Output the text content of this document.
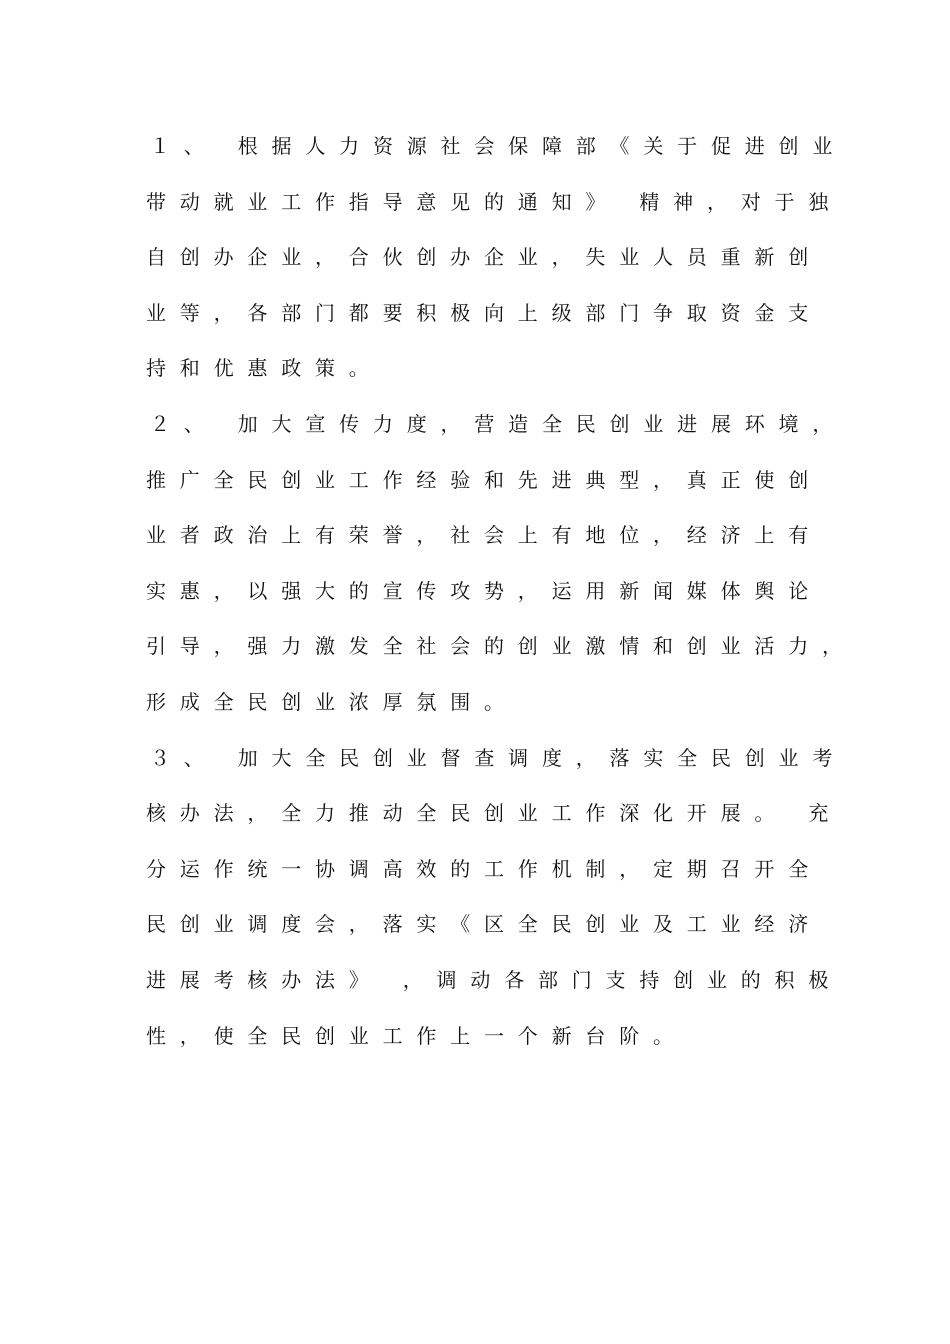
１、 根据人力资源社会保障部《关于促进创业
带动就业工作指导意见的通知》 精神，对于独
自创办企业，合伙创办企业，失业人员重新创
业等，各部门都要积极向上级部门争取资金支
持和优惠政策。
２、 加大宣传力度，营造全民创业进展环境，
推广全民创业工作经验和先进典型，真正使创
业者政治上有荣誉，社会上有地位，经济上有
实惠，以强大的宣传攻势，运用新闻媒体舆论
引导，强力激发全社会的创业激情和创业活力，
形成全民创业浓厚氛围。
３、 加大全民创业督查调度，落实全民创业考
核办法，全力推动全民创业工作深化开展。 充
分运作统一协调高效的工作机制，定期召开全
民创业调度会，落实《区全民创业及工业经济
进展考核办法》 ，调动各部门支持创业的积极
性，使全民创业工作上一个新台阶。
